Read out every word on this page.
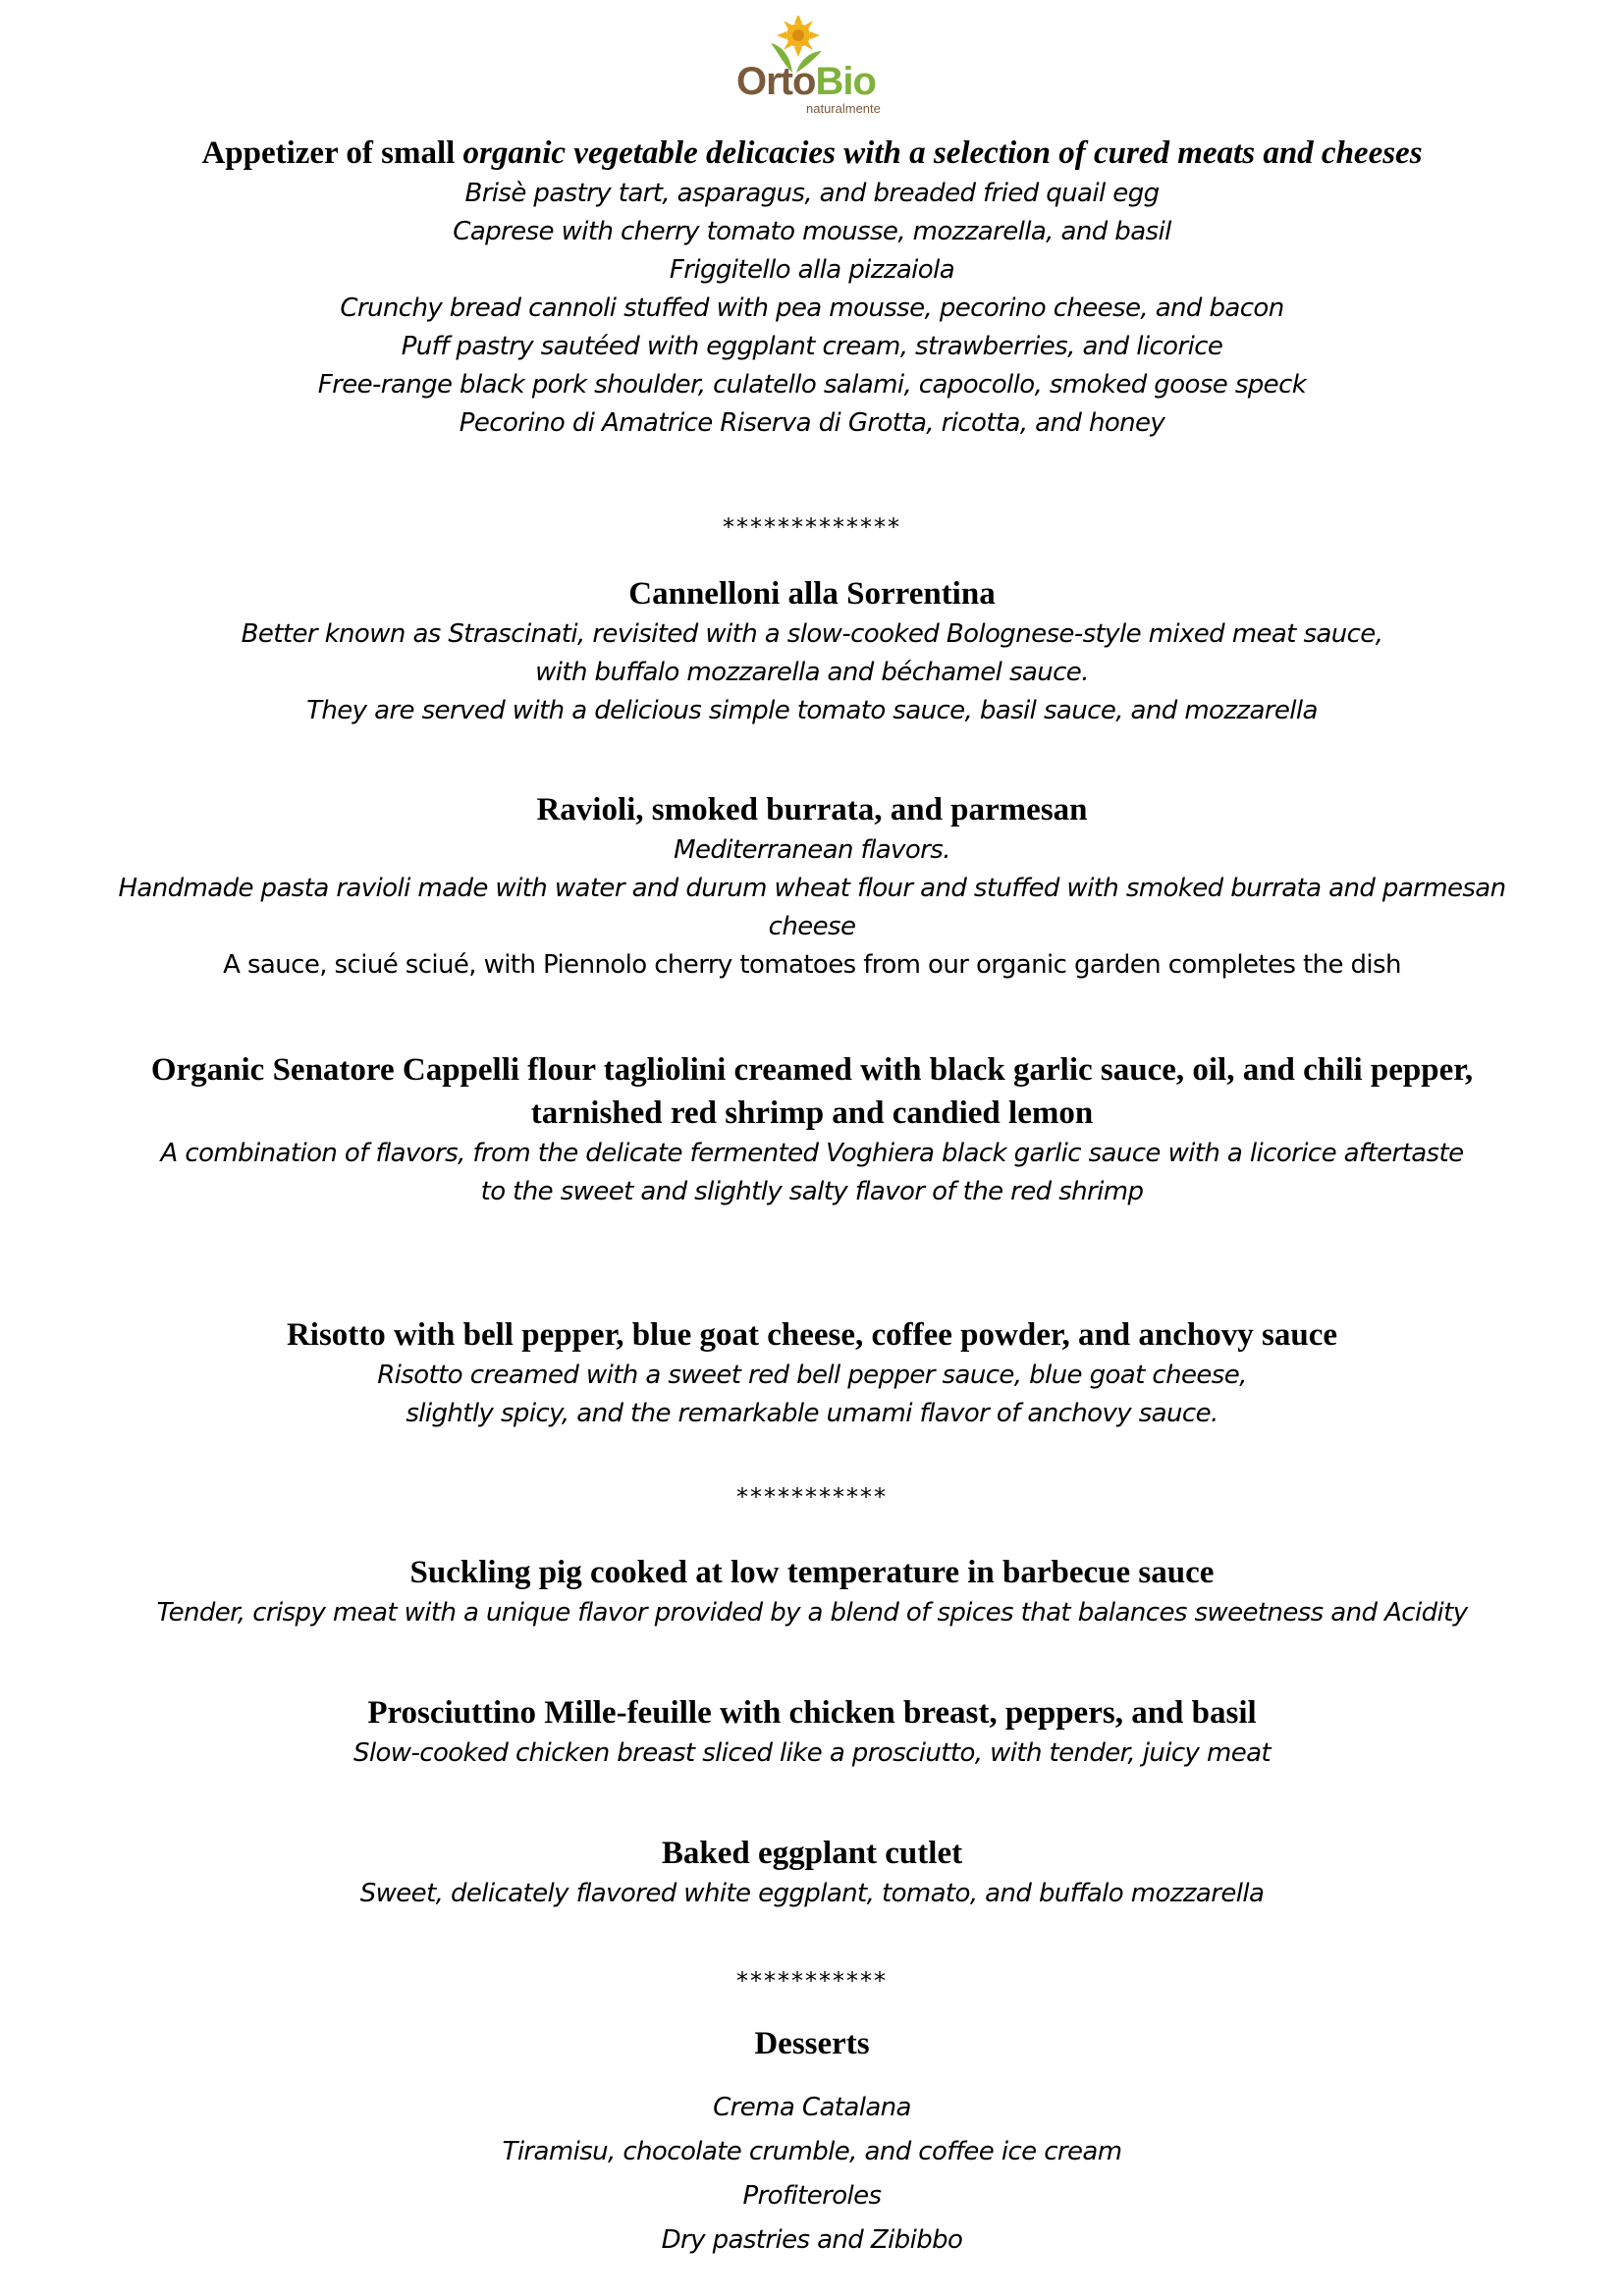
OrtoBio
naturalmente

Appetizer of small organic vegetable delicacies with a selection of cured meats and cheeses

Brisè pastry tart, asparagus, and breaded fried quail egg
Caprese with cherry tomato mousse, mozzarella, and basil
Friggitello alla pizzaiola
Crunchy bread cannoli stuffed with pea mousse, pecorino cheese, and bacon
Puff pastry sautéed with eggplant cream, strawberries, and licorice
Free-range black pork shoulder, culatello salami, capocollo, smoked goose speck
Pecorino di Amatrice Riserva di Grotta, ricotta, and honey

*************

Cannelloni alla Sorrentina

Better known as Strascinati, revisited with a slow-cooked Bolognese-style mixed meat sauce,
with buffalo mozzarella and béchamel sauce.
They are served with a delicious simple tomato sauce, basil sauce, and mozzarella

Ravioli, smoked burrata, and parmesan

Mediterranean flavors.

Handmade pasta ravioli made with water and durum wheat flour and stuffed with smoked burrata and parmesan cheese

A sauce, sciué sciué, with Piennolo cherry tomatoes from our organic garden completes the dish

Organic Senatore Cappelli flour tagliolini creamed with black garlic sauce, oil, and chili pepper,

tarnished red shrimp and candied lemon

A combination of flavors, from the delicate fermented Voghiera black garlic sauce with a licorice aftertaste
to the sweet and slightly salty flavor of the red shrimp

Risotto with bell pepper, blue goat cheese, coffee powder, and anchovy sauce

Risotto creamed with a sweet red bell pepper sauce, blue goat cheese,
slightly spicy, and the remarkable umami flavor of anchovy sauce.

***********

Suckling pig cooked at low temperature in barbecue sauce

Tender, crispy meat with a unique flavor provided by a blend of spices that balances sweetness and Acidity

Prosciuttino Mille-feuille with chicken breast, peppers, and basil

Slow-cooked chicken breast sliced like a prosciutto, with tender, juicy meat

Baked eggplant cutlet

Sweet, delicately flavored white eggplant, tomato, and buffalo mozzarella

***********

Desserts

Crema Catalana
Tiramisu, chocolate crumble, and coffee ice cream
Profiteroles
Dry pastries and Zibibbo
